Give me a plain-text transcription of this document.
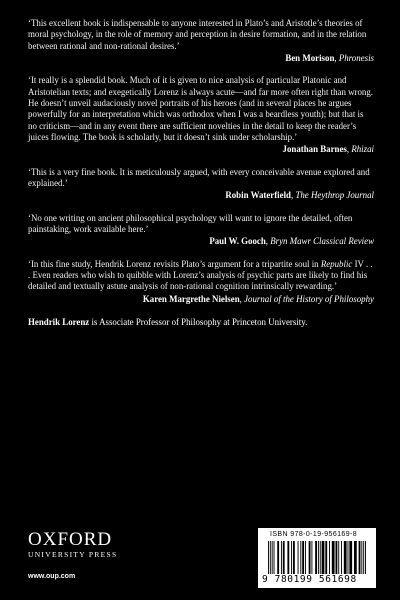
‘This excellent book is indispensable to anyone interested in Plato’s and Aristotle’s theories of moral psychology, in the role of memory and perception in desire formation, and in the relation between rational and non-rational desires.’
Ben Morison, Phronesis
‘It really is a splendid book. Much of it is given to nice analysis of particular Platonic and Aristotelian texts; and exegetically Lorenz is always acute—and far more often right than wrong. He doesn’t unveil audaciously novel portraits of his heroes (and in several places he argues powerfully for an interpretation which was orthodox when I was a beardless youth); but that is no criticism—and in any event there are sufficient novelties in the detail to keep the reader’s juices flowing. The book is scholarly, but it doesn’t sink under scholarship.’
Jonathan Barnes, Rhizai
‘This is a very fine book. It is meticulously argued, with every conceivable avenue explored and explained.’
Robin Waterfield, The Heythrop Journal
‘No one writing on ancient philosophical psychology will want to ignore the detailed, often painstaking, work available here.’
Paul W. Gooch, Bryn Mawr Classical Review
‘In this fine study, Hendrik Lorenz revisits Plato’s argument for a tripartite soul in Republic IV . . . Even readers who wish to quibble with Lorenz’s analysis of psychic parts are likely to find his detailed and textually astute analysis of non-rational cognition intrinsically rewarding.’
Karen Margrethe Nielsen, Journal of the History of Philosophy
Hendrik Lorenz is Associate Professor of Philosophy at Princeton University.
OXFORD
UNIVERSITY PRESS
www.oup.com
ISBN 978-0-19-956169-8
9 780199 561698
